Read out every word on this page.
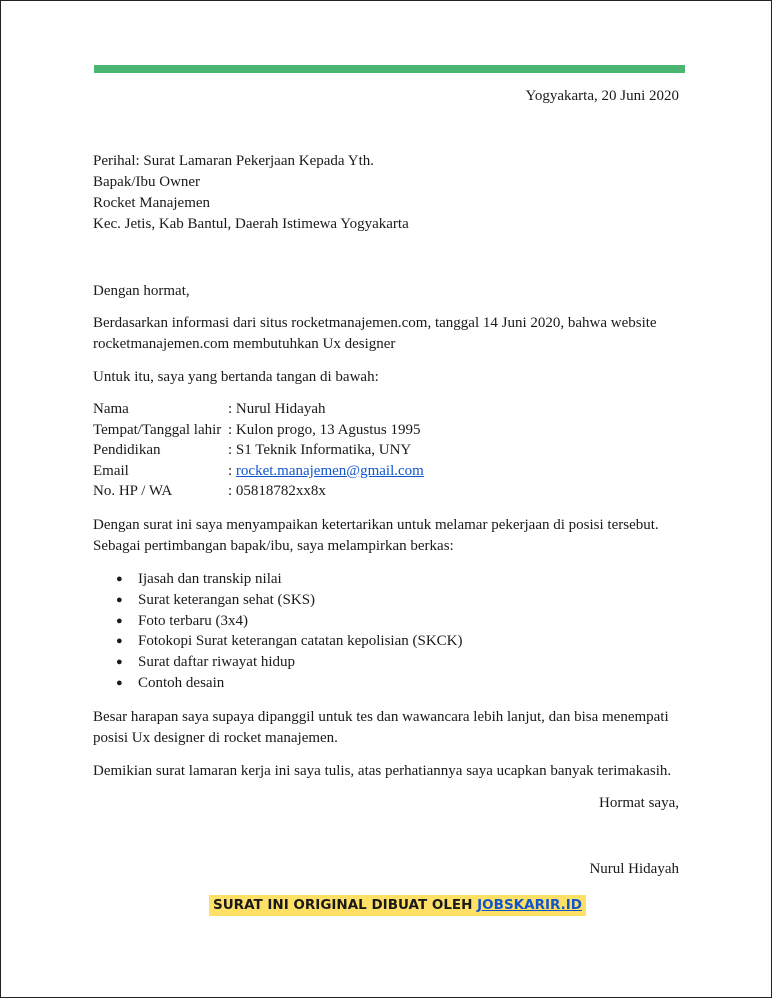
Yogyakarta, 20 Juni 2020
Perihal: Surat Lamaran Pekerjaan Kepada Yth.
Bapak/Ibu Owner
Rocket Manajemen
Kec. Jetis, Kab Bantul, Daerah Istimewa Yogyakarta
Dengan hormat,
Berdasarkan informasi dari situs rocketmanajemen.com, tanggal 14 Juni 2020, bahwa website
rocketmanajemen.com membutuhkan Ux designer
Untuk itu, saya yang bertanda tangan di bawah:
Nama	: Nurul Hidayah
Tempat/Tanggal lahir : Kulon progo, 13 Agustus 1995
Pendidikan	: S1 Teknik Informatika, UNY
Email	: rocket.manajemen@gmail.com
No. HP / WA	: 05818782xx8x
Dengan surat ini saya menyampaikan ketertarikan untuk melamar pekerjaan di posisi tersebut.
Sebagai pertimbangan bapak/ibu, saya melampirkan berkas:
● Ijasah dan transkip nilai
● Surat keterangan sehat (SKS)
● Foto terbaru (3x4)
● Fotokopi Surat keterangan catatan kepolisian (SKCK)
● Surat daftar riwayat hidup
● Contoh desain
Besar harapan saya supaya dipanggil untuk tes dan wawancara lebih lanjut, dan bisa menempati
posisi Ux designer di rocket manajemen.
Demikian surat lamaran kerja ini saya tulis, atas perhatiannya saya ucapkan banyak terimakasih.
Hormat saya,
Nurul Hidayah
SURAT INI ORIGINAL DIBUAT OLEH JOBSKARIR.ID
